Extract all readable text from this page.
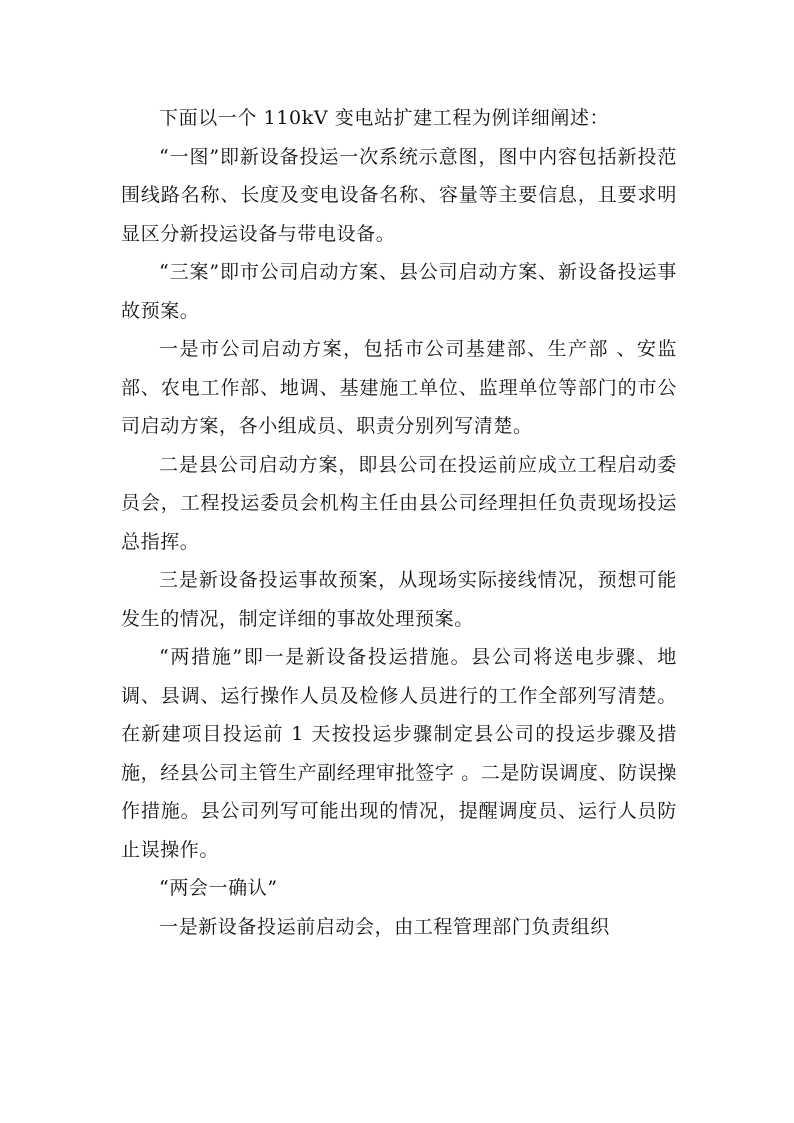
下面以一个 110kV 变电站扩建工程为例详细阐述：

“一图”即新设备投运一次系统示意图，图中内容包括新投范围线路名称、长度及变电设备名称、容量等主要信息，且要求明显区分新投运设备与带电设备。

“三案”即市公司启动方案、县公司启动方案、新设备投运事故预案。

一是市公司启动方案，包括市公司基建部、生产部 、安监部、农电工作部、地调、基建施工单位、监理单位等部门的市公司启动方案，各小组成员、职责分别列写清楚。

二是县公司启动方案，即县公司在投运前应成立工程启动委员会，工程投运委员会机构主任由县公司经理担任负责现场投运总指挥。

三是新设备投运事故预案，从现场实际接线情况，预想可能发生的情况，制定详细的事故处理预案。

“两措施”即一是新设备投运措施。县公司将送电步骤、地调、县调、运行操作人员及检修人员进行的工作全部列写清楚。在新建项目投运前 1 天按投运步骤制定县公司的投运步骤及措施，经县公司主管生产副经理审批签字 。二是防误调度、防误操作措施。县公司列写可能出现的情况，提醒调度员、运行人员防止误操作。

“两会一确认”

一是新设备投运前启动会，由工程管理部门负责组织
